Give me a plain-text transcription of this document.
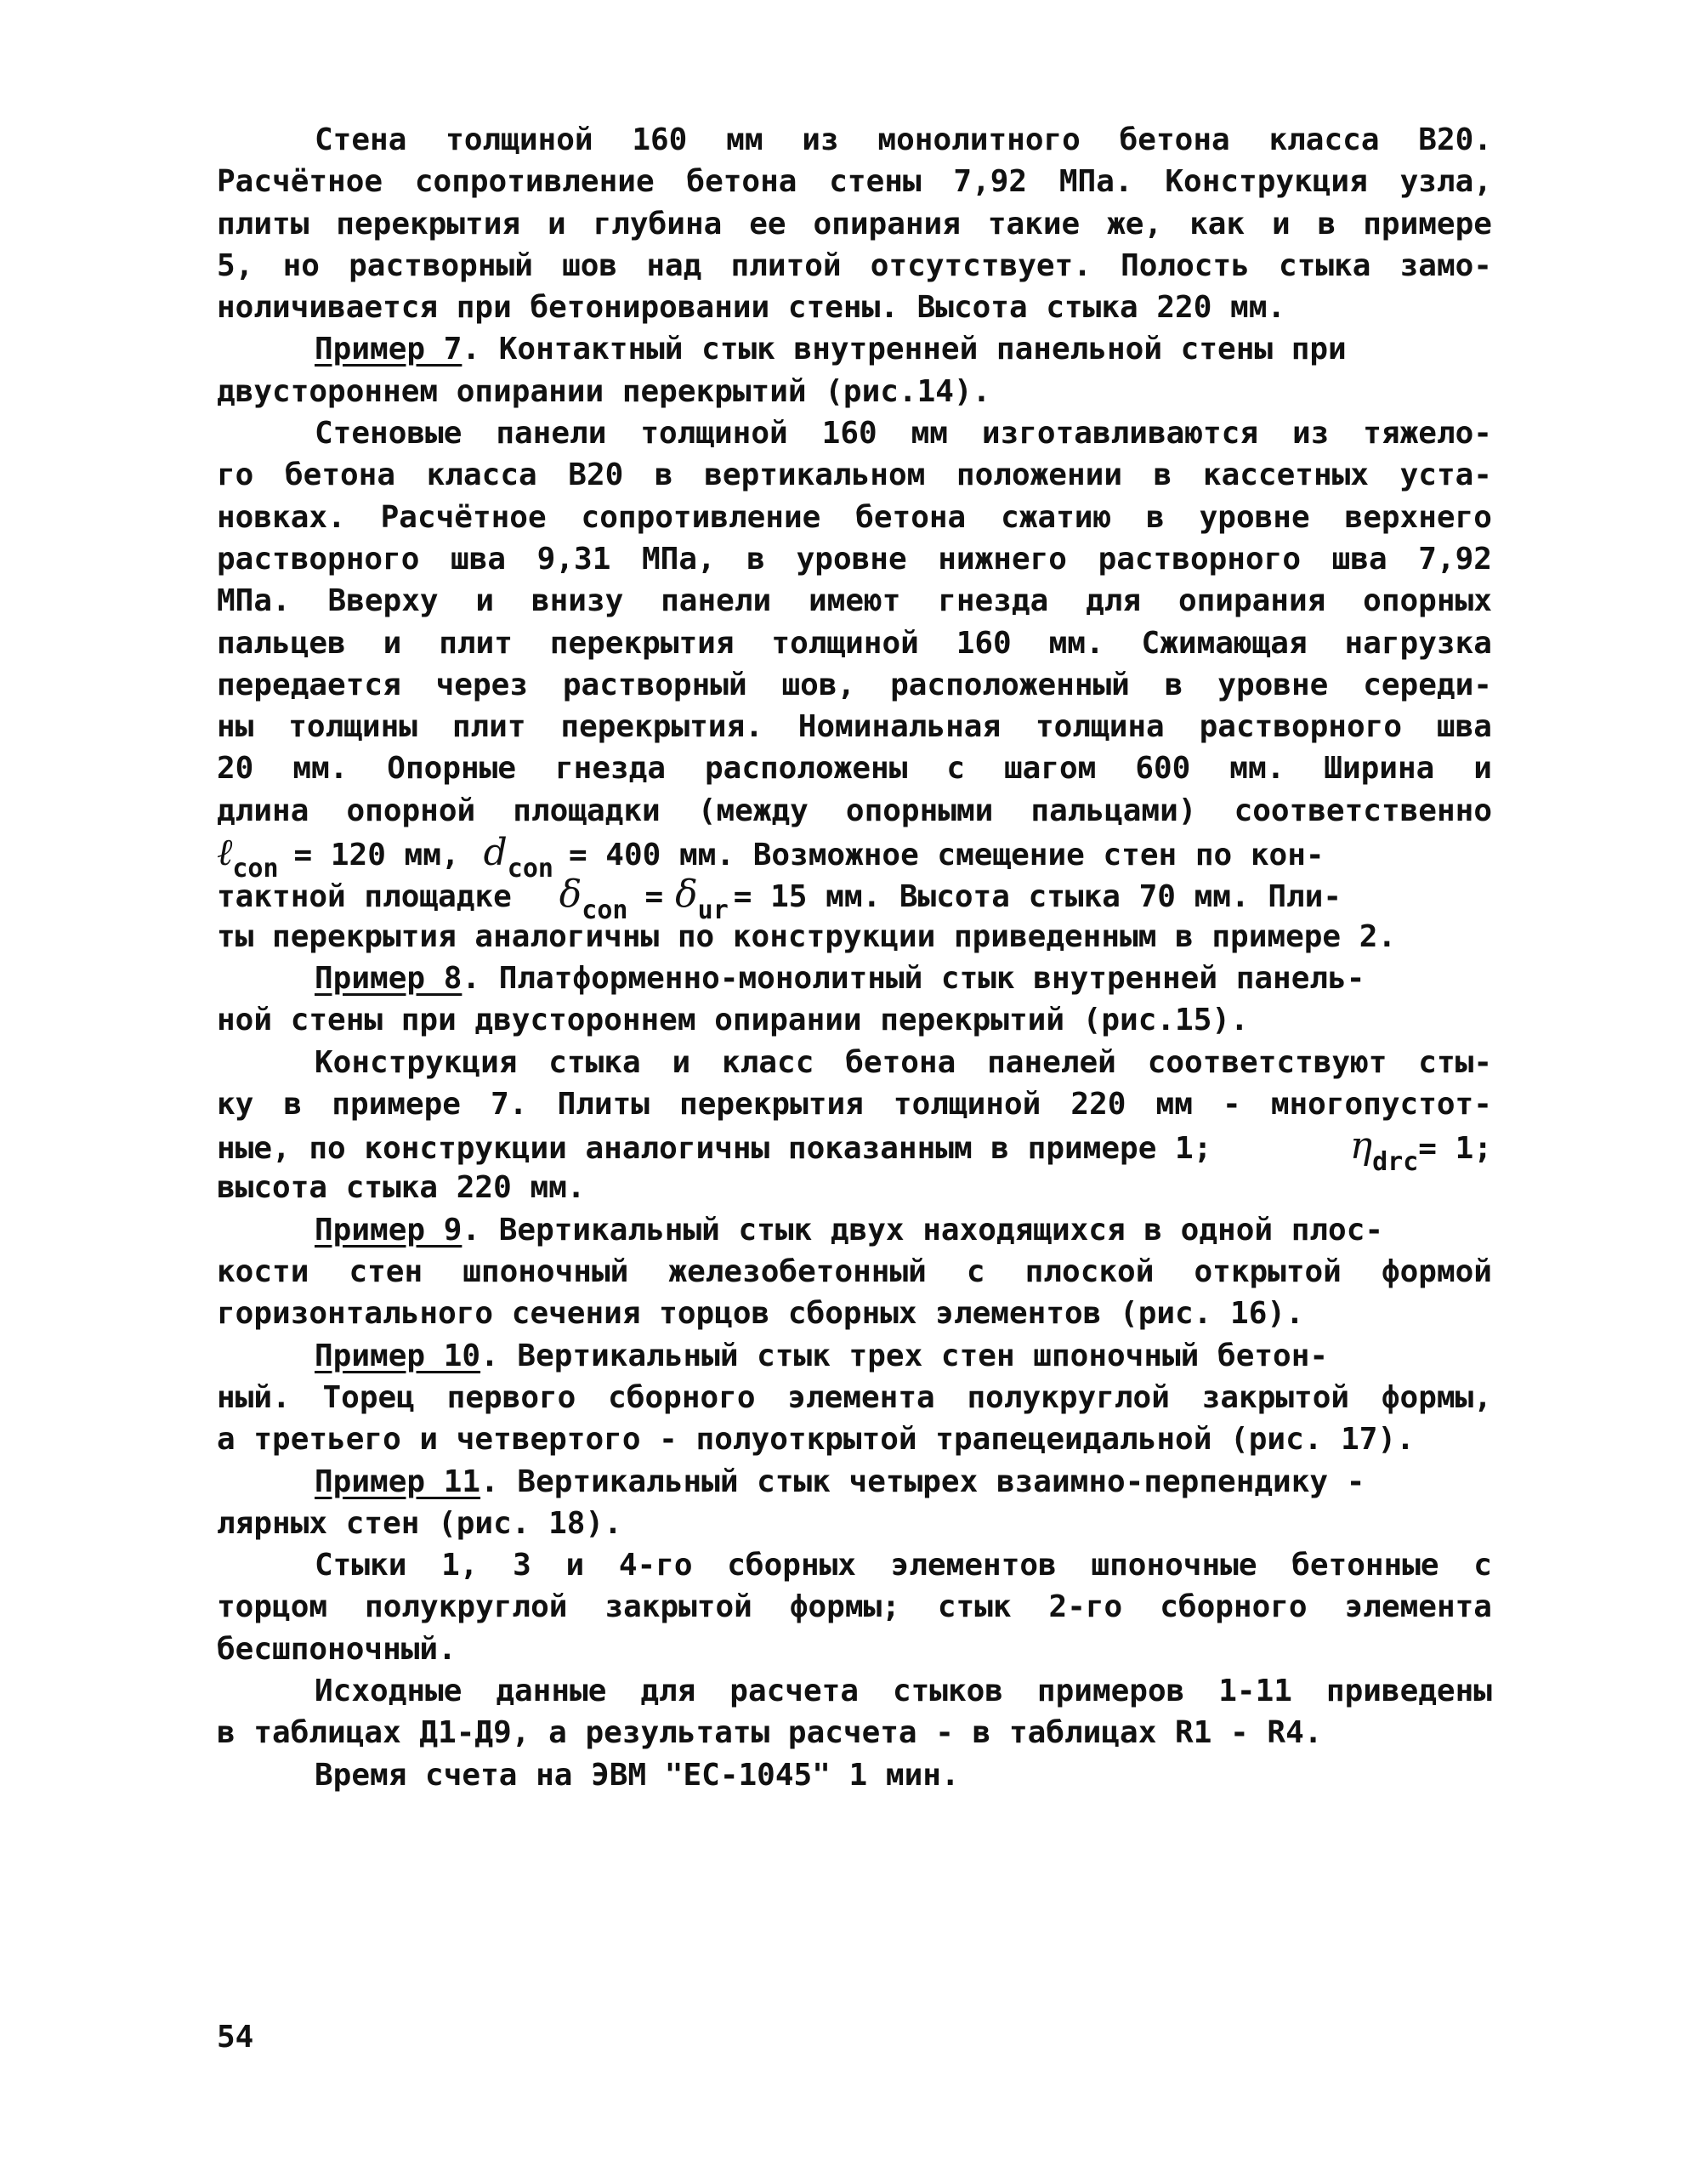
Стена толщиной 160 мм из монолитного бетона класса В20.
Расчётное сопротивление бетона стены 7,92 МПа. Конструкция узла,
плиты перекрытия и глубина ее опирания такие же, как и в примере
5, но растворный шов над плитой отсутствует. Полость стыка замо-
ноличивается при бетонировании стены. Высота стыка 220 мм.
Пример 7 . Контактный стык внутренней панельной стены при
двустороннем опирании перекрытий (рис.14).
Стеновые панели толщиной 160 мм изготавливаются из тяжело-
го бетона класса В20 в вертикальном положении в кассетных уста-
новках. Расчётное сопротивление бетона сжатию в уровне верхнего
растворного шва 9,31 МПа, в уровне нижнего растворного шва 7,92
МПа. Вверху и внизу панели имеют гнезда для опирания опорных
пальцев и плит перекрытия толщиной 160 мм. Сжимающая нагрузка
передается через растворный шов, расположенный в уровне середи-
ны толщины плит перекрытия. Номинальная толщина растворного шва
20 мм. Опорные гнезда расположены с шагом 600 мм. Ширина и
длина опорной площадки (между опорными пальцами) соответственно
ℓ con = 120 мм, d con = 400 мм. Возможное смещение стен по кон-
тактной площадке δ con = δ ur = 15 мм. Высота стыка 70 мм. Пли-
ты перекрытия аналогичны по конструкции приведенным в примере 2.
Пример 8 . Платформенно-монолитный стык внутренней панель-
ной стены при двустороннем опирании перекрытий (рис.15).
Конструкция стыка и класс бетона панелей соответствуют сты-
ку в примере 7. Плиты перекрытия толщиной 220 мм - многопустот-
ные, по конструкции аналогичны показанным в примере 1;	$\eta_{drc}= 1$;
высота стыка 220 мм.
Пример 9 . Вертикальный стык двух находящихся в одной плос-
кости стен шпоночный железобетонный с плоской открытой формой
горизонтального сечения торцов сборных элементов (рис. 16).
Пример 10 . Вертикальный стык трех стен шпоночный бетон-
ный. Торец первого сборного элемента полукруглой закрытой формы,
а третьего и четвертого - полуоткрытой трапецеидальной (рис. 17).
Пример 11 . Вертикальный стык четырех взаимно-перпендику -
лярных стен (рис. 18).
Стыки 1, 3 и 4-го сборных элементов шпоночные бетонные с
торцом полукруглой закрытой формы; стык 2-го сборного элемента
бесшпоночный.
Исходные данные для расчета стыков примеров 1-11 приведены
в таблицах Д1-Д9, а результаты расчета - в таблицах R1 - R4.
Время счета на ЭВМ "ЕС-1045" 1 мин.
54
